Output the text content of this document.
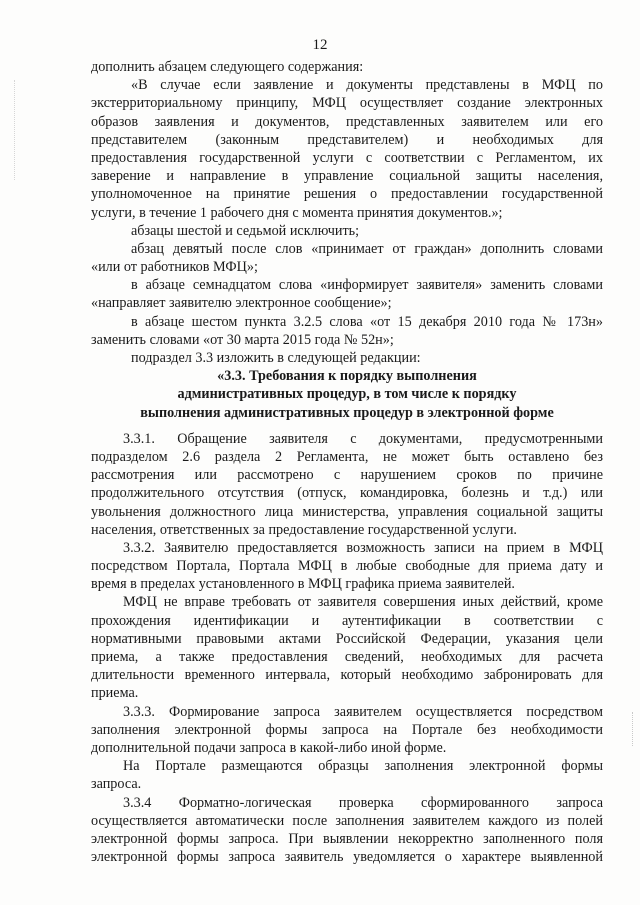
12
дополнить абзацем следующего содержания:
«В случае если заявление и документы представлены в МФЦ по
экстерриториальному принципу, МФЦ осуществляет создание электронных
образов заявления и документов, представленных заявителем или его
представителем (законным представителем) и необходимых для
предоставления государственной услуги с соответствии с Регламентом, их
заверение и направление в управление социальной защиты населения,
уполномоченное на принятие решения о предоставлении государственной
услуги, в течение 1 рабочего дня с момента принятия документов.»;
абзацы шестой и седьмой исключить;
абзац девятый после слов «принимает от граждан» дополнить словами
«или от работников МФЦ»;
в абзаце семнадцатом слова «информирует заявителя» заменить словами
«направляет заявителю электронное сообщение»;
в абзаце шестом пункта 3.2.5 слова «от 15 декабря 2010 года № 173н»
заменить словами «от 30 марта 2015 года № 52н»;
подраздел 3.3 изложить в следующей редакции:
«3.3. Требования к порядку выполнения
административных процедур, в том числе к порядку
выполнения административных процедур в электронной форме
3.3.1. Обращение заявителя с документами, предусмотренными
подразделом 2.6 раздела 2 Регламента, не может быть оставлено без
рассмотрения или рассмотрено с нарушением сроков по причине
продолжительного отсутствия (отпуск, командировка, болезнь и т.д.) или
увольнения должностного лица министерства, управления социальной защиты
населения, ответственных за предоставление государственной услуги.
3.3.2. Заявителю предоставляется возможность записи на прием в МФЦ
посредством Портала, Портала МФЦ в любые свободные для приема дату и
время в пределах установленного в МФЦ графика приема заявителей.
МФЦ не вправе требовать от заявителя совершения иных действий, кроме
прохождения идентификации и аутентификации в соответствии с
нормативными правовыми актами Российской Федерации, указания цели
приема, а также предоставления сведений, необходимых для расчета
длительности временного интервала, который необходимо забронировать для
приема.
3.3.3. Формирование запроса заявителем осуществляется посредством
заполнения электронной формы запроса на Портале без необходимости
дополнительной подачи запроса в какой-либо иной форме.
На Портале размещаются образцы заполнения электронной формы
запроса.
3.3.4 Форматно-логическая проверка сформированного запроса
осуществляется автоматически после заполнения заявителем каждого из полей
электронной формы запроса. При выявлении некорректно заполненного поля
электронной формы запроса заявитель уведомляется о характере выявленной
